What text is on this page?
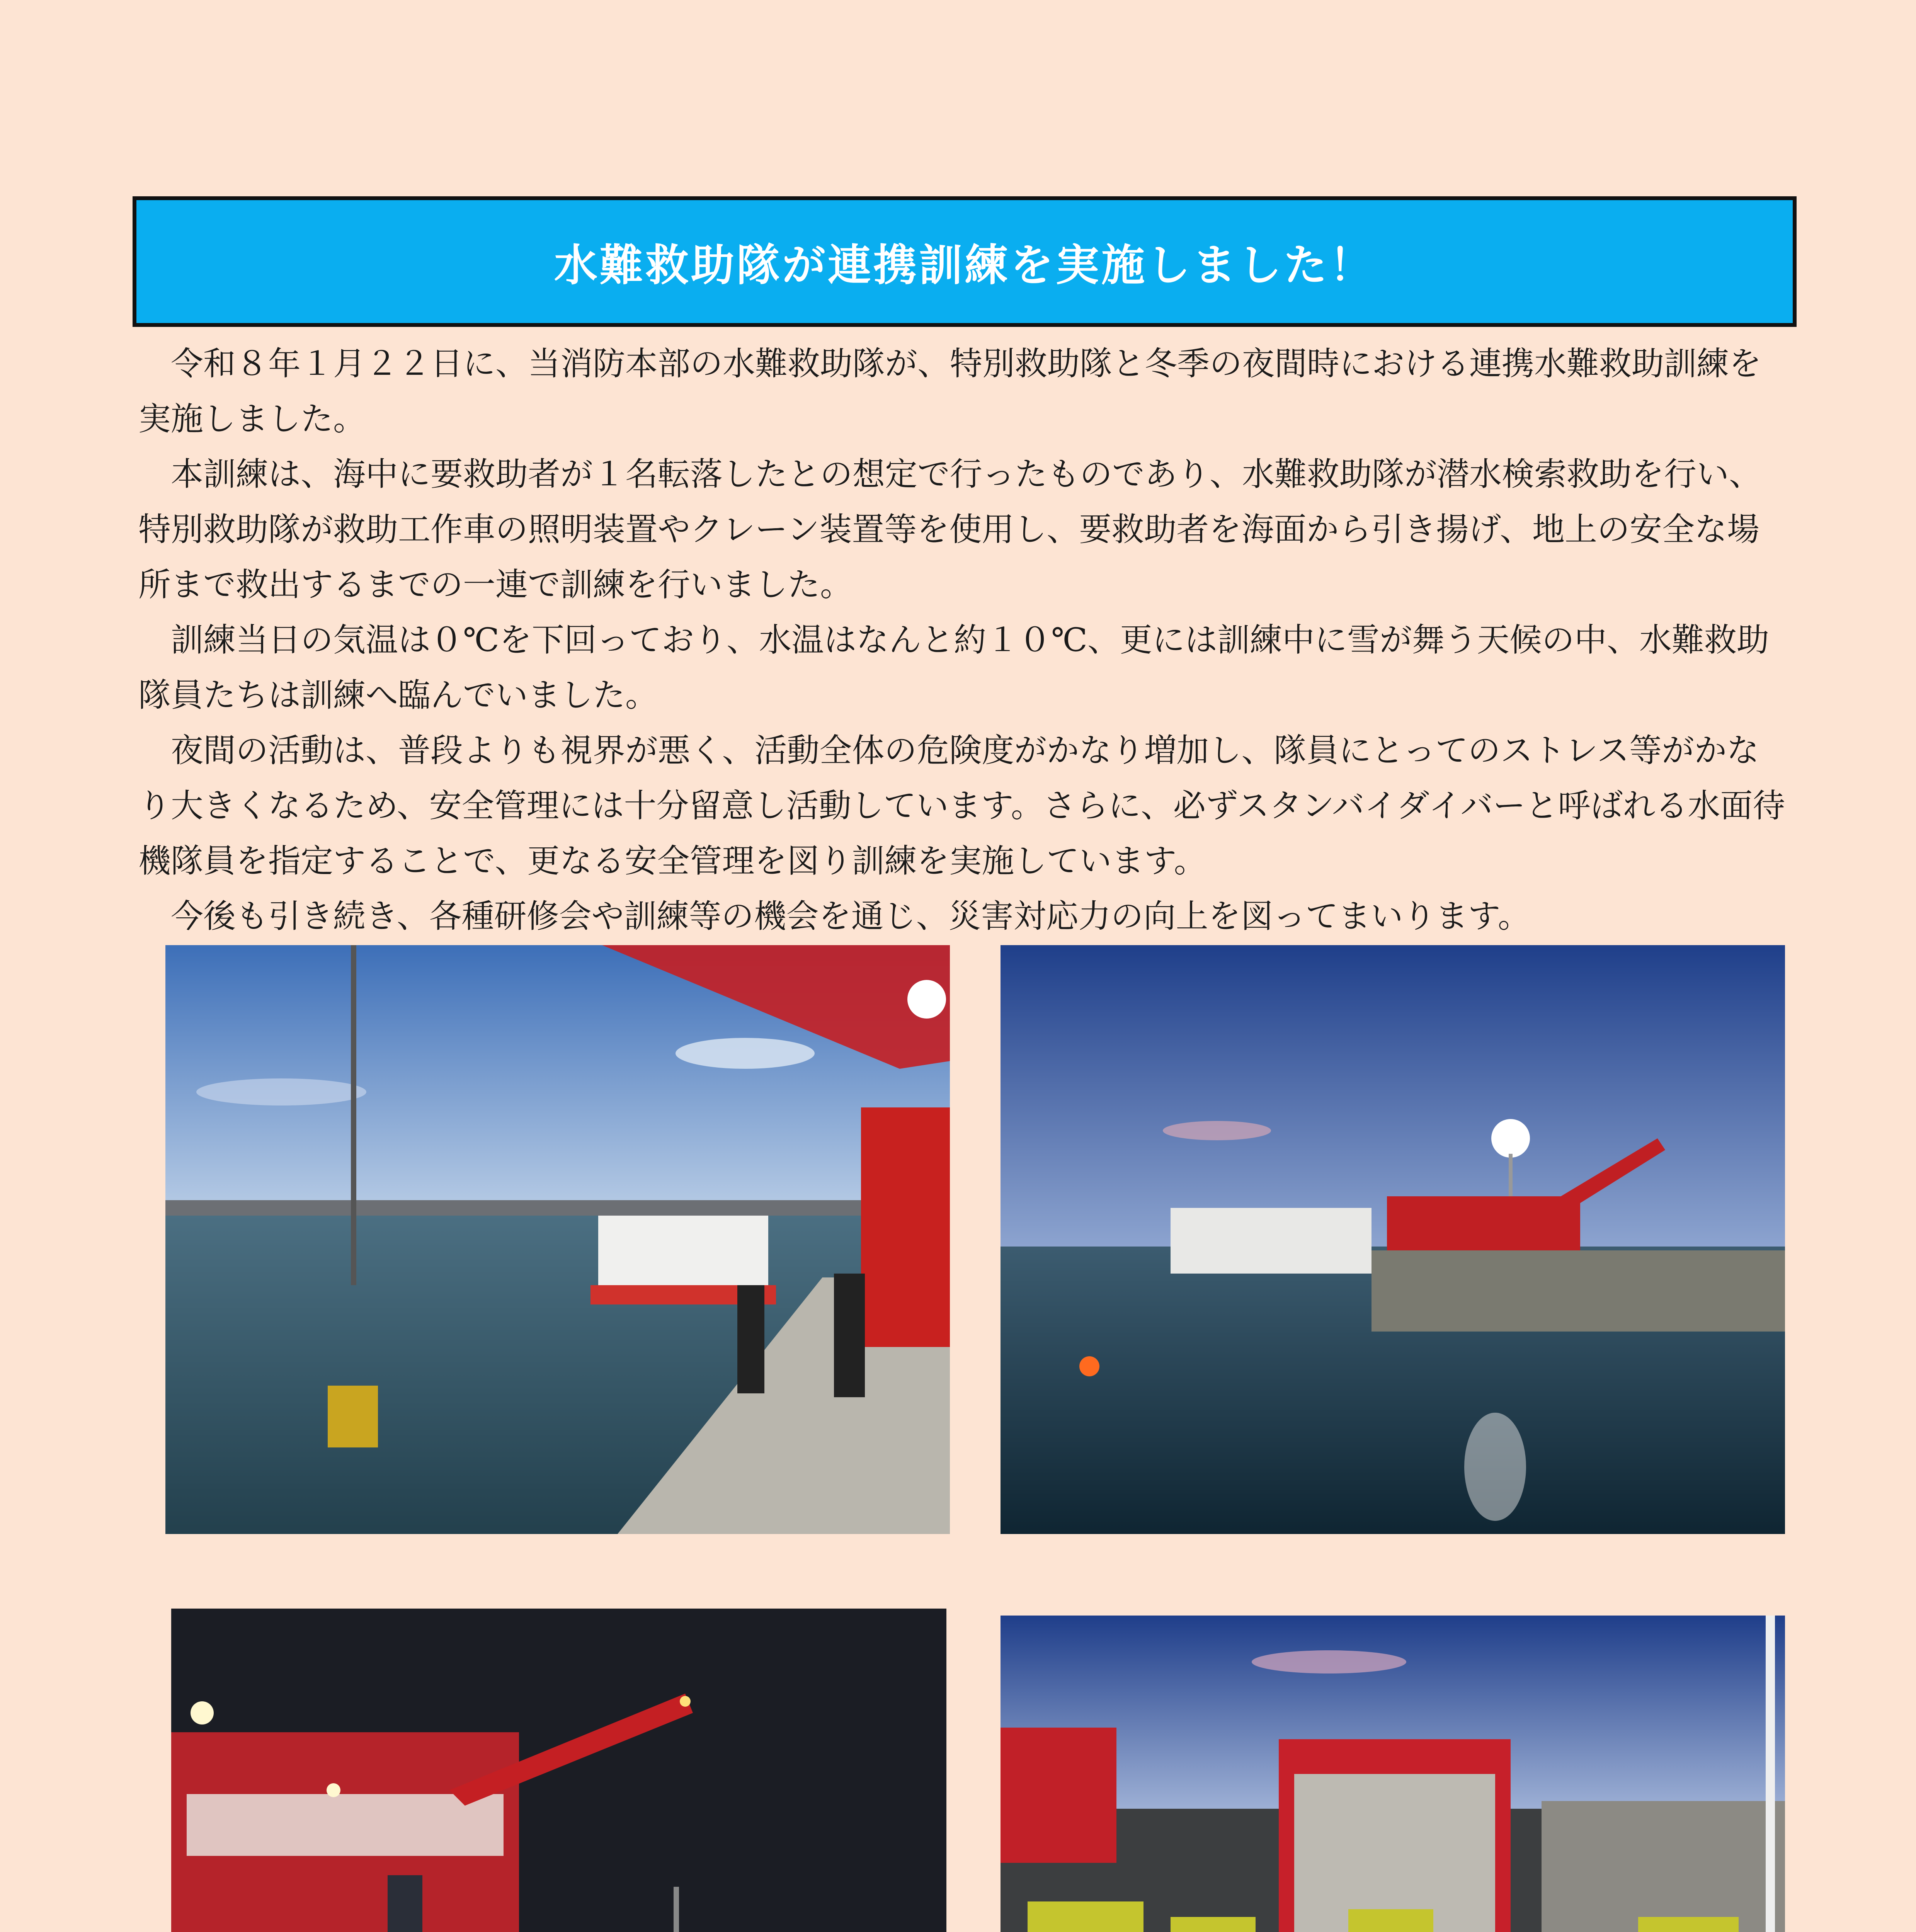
水難救助隊が連携訓練を実施しました！

令和８年１月２２日に、当消防本部の水難救助隊が、特別救助隊と冬季の夜間時における連携水難救助訓練を実施しました。

本訓練は、海中に要救助者が１名転落したとの想定で行ったものであり、水難救助隊が潜水検索救助を行い、特別救助隊が救助工作車の照明装置やクレーン装置等を使用し、要救助者を海面から引き揚げ、地上の安全な場所まで救出するまでの一連で訓練を行いました。

訓練当日の気温は０℃を下回っており、水温はなんと約１０℃、更には訓練中に雪が舞う天候の中、水難救助隊員たちは訓練へ臨んでいました。

夜間の活動は、普段よりも視界が悪く、活動全体の危険度がかなり増加し、隊員にとってのストレス等がかなり大きくなるため、安全管理には十分留意し活動しています。さらに、必ずスタンバイダイバーと呼ばれる水面待機隊員を指定することで、更なる安全管理を図り訓練を実施しています。

今後も引き続き、各種研修会や訓練等の機会を通じ、災害対応力の向上を図ってまいります。
